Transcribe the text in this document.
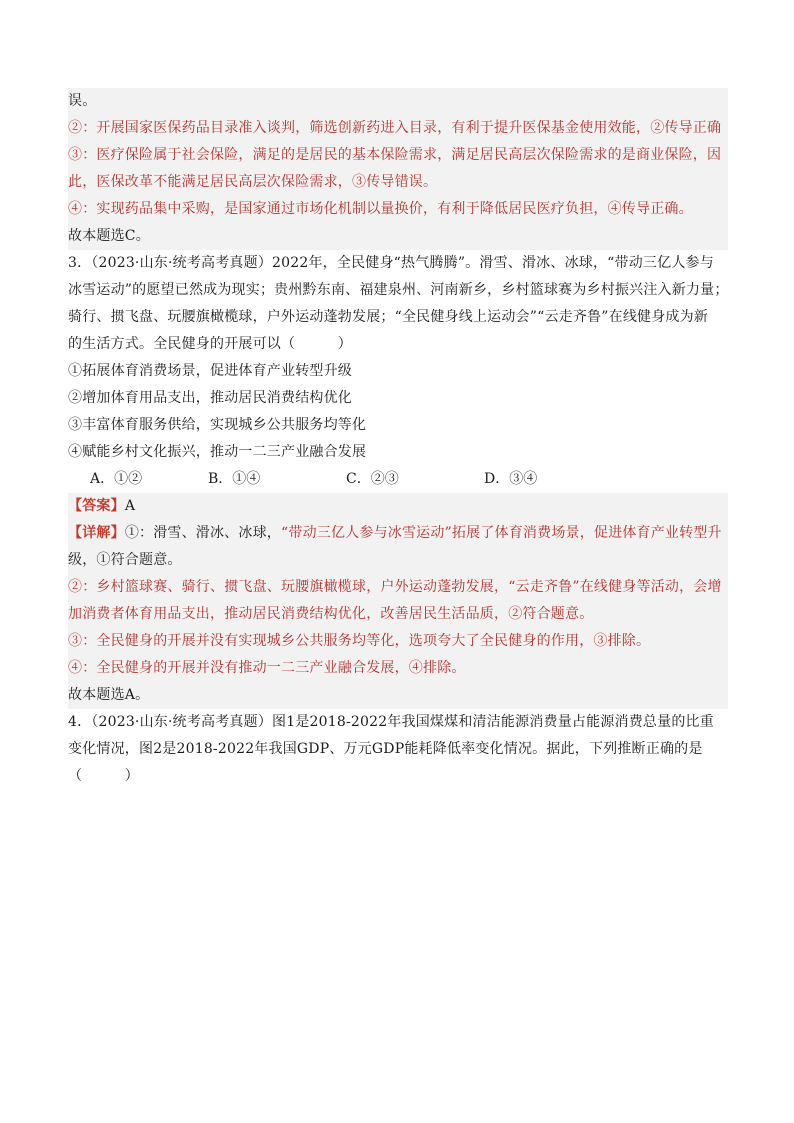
误。
②：开展国家医保药品目录准入谈判，筛选创新药进入目录，有利于提升医保基金使用效能，②传导正确
③：医疗保险属于社会保险，满足的是居民的基本保险需求，满足居民高层次保险需求的是商业保险，因
此，医保改革不能满足居民高层次保险需求，③传导错误。
④：实现药品集中采购，是国家通过市场化机制以量换价，有利于降低居民医疗负担，④传导正确。
故本题选C。
3．（2023·山东·统考高考真题）2022年，全民健身“热气腾腾”。滑雪、滑冰、冰球，“带动三亿人参与
冰雪运动”的愿望已然成为现实；贵州黔东南、福建泉州、河南新乡，乡村篮球赛为乡村振兴注入新力量；
骑行、掼飞盘、玩腰旗橄榄球，户外运动蓬勃发展；“全民健身线上运动会”“云走齐鲁”在线健身成为新
的生活方式。全民健身的开展可以（　　　）
①拓展体育消费场景，促进体育产业转型升级
②增加体育用品支出，推动居民消费结构优化
③丰富体育服务供给，实现城乡公共服务均等化
④赋能乡村文化振兴，推动一二三产业融合发展
A．①②	B．①④	C．②③	D．③④
【答案】A
【详解】①：滑雪、滑冰、冰球，“带动三亿人参与冰雪运动”拓展了体育消费场景，促进体育产业转型升
级，①符合题意。
②：乡村篮球赛、骑行、掼飞盘、玩腰旗橄榄球，户外运动蓬勃发展，“云走齐鲁”在线健身等活动，会增
加消费者体育用品支出，推动居民消费结构优化，改善居民生活品质，②符合题意。
③：全民健身的开展并没有实现城乡公共服务均等化，选项夸大了全民健身的作用，③排除。
④：全民健身的开展并没有推动一二三产业融合发展，④排除。
故本题选A。
4．（2023·山东·统考高考真题）图1是2018-2022年我国煤煤和清洁能源消费量占能源消费总量的比重
变化情况，图2是2018-2022年我国GDP、万元GDP能耗降低率变化情况。据此，下列推断正确的是
（　　　）
